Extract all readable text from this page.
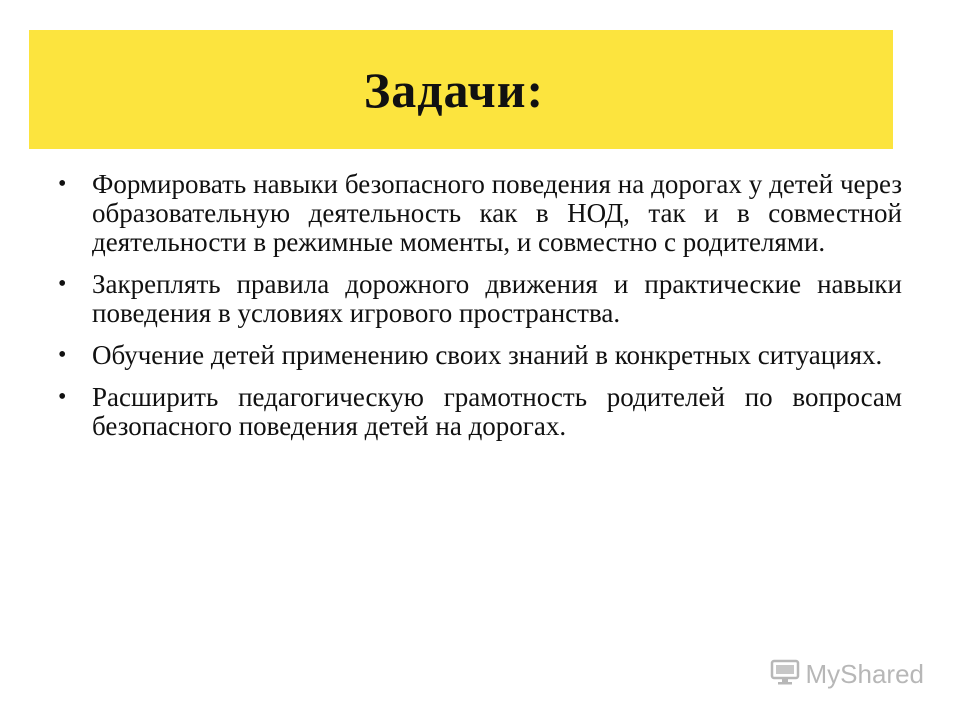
Задачи:
• Формировать навыки безопасного поведения на дорогах у детей через образовательную деятельность как в НОД, так и в совместной деятельности в режимные моменты, и совместно с родителями.
• Закреплять правила дорожного движения и практические навыки поведения в условиях игрового пространства.
• Обучение детей применению своих знаний в конкретных ситуациях.
• Расширить педагогическую грамотность родителей по вопросам безопасного поведения детей на дорогах.
MyShared
